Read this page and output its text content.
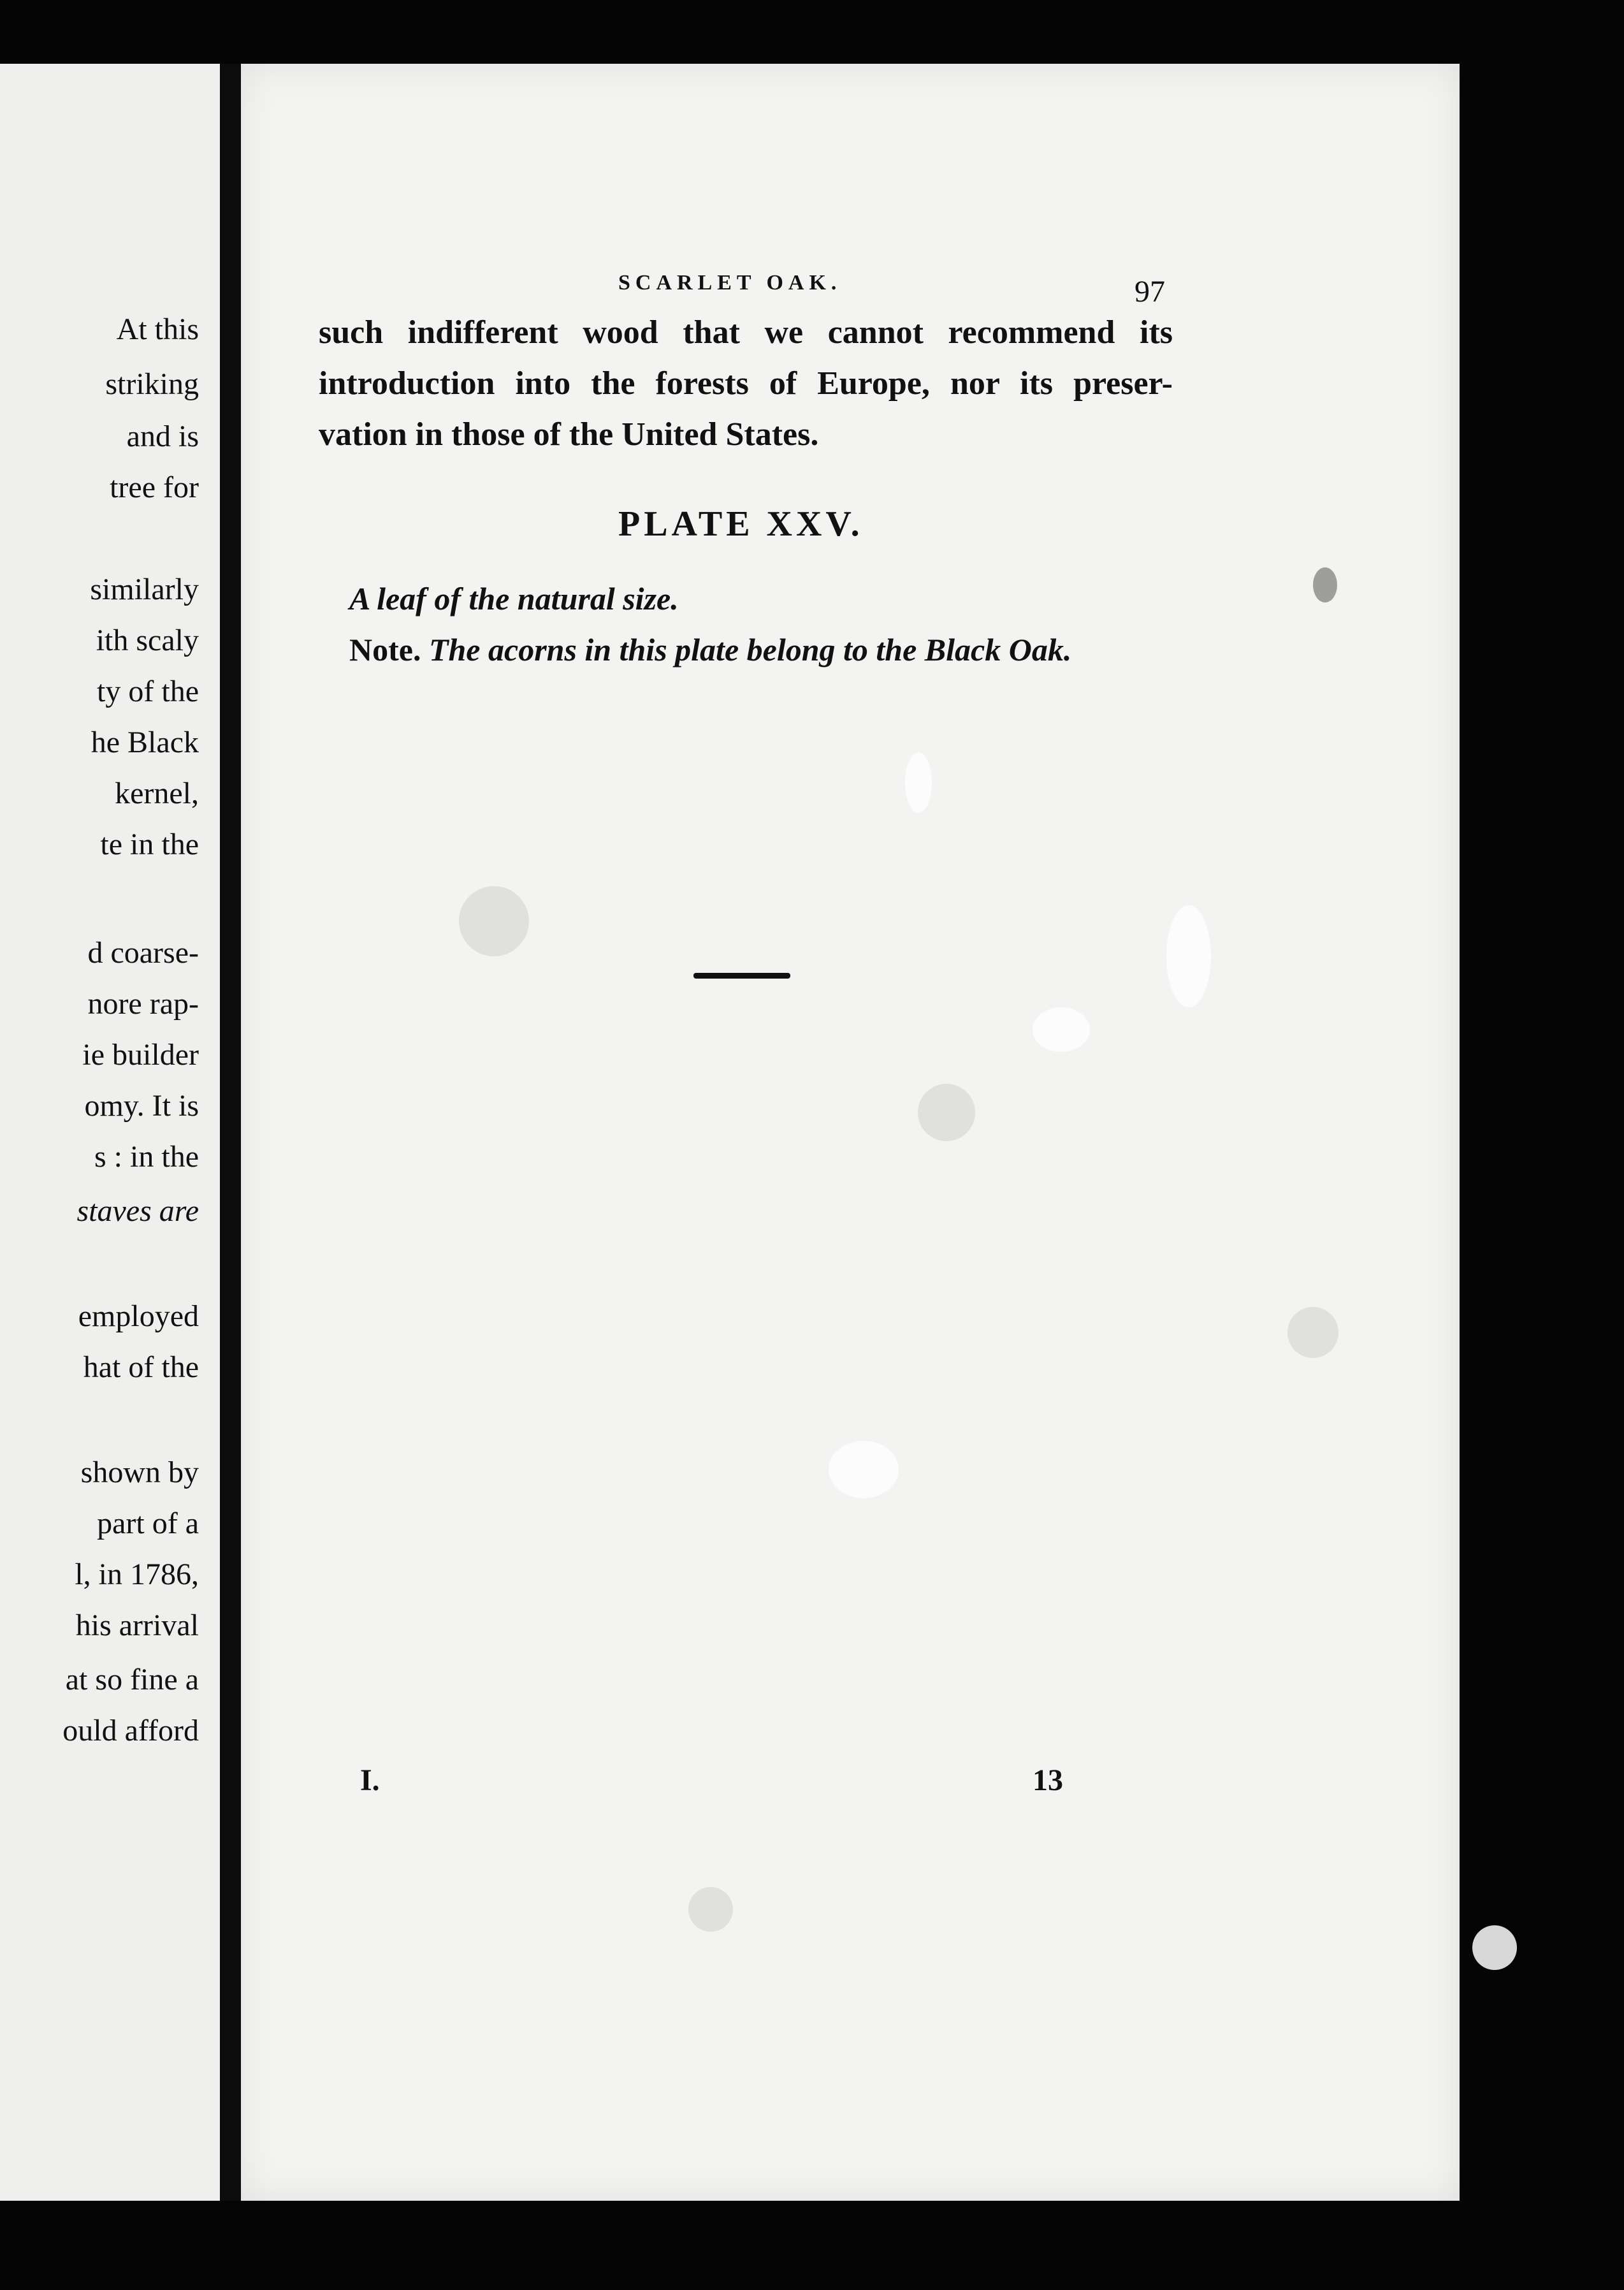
At this
striking
and is
tree for
similarly
ith scaly
ty of the
he Black
kernel,
te in the
d coarse-
nore rap-
ie builder
omy. It is
s : in the
staves are
employed
hat of the
shown by
part of a
l, in 1786,
his arrival
at so fine a
ould afford
SCARLET OAK.	97
such indifferent wood that we cannot recommend its
introduction into the forests of Europe, nor its preser-
vation in those of the United States.
PLATE XXV.
A leaf of the natural size.
Note. The acorns in this plate belong to the Black Oak.
I.	13
